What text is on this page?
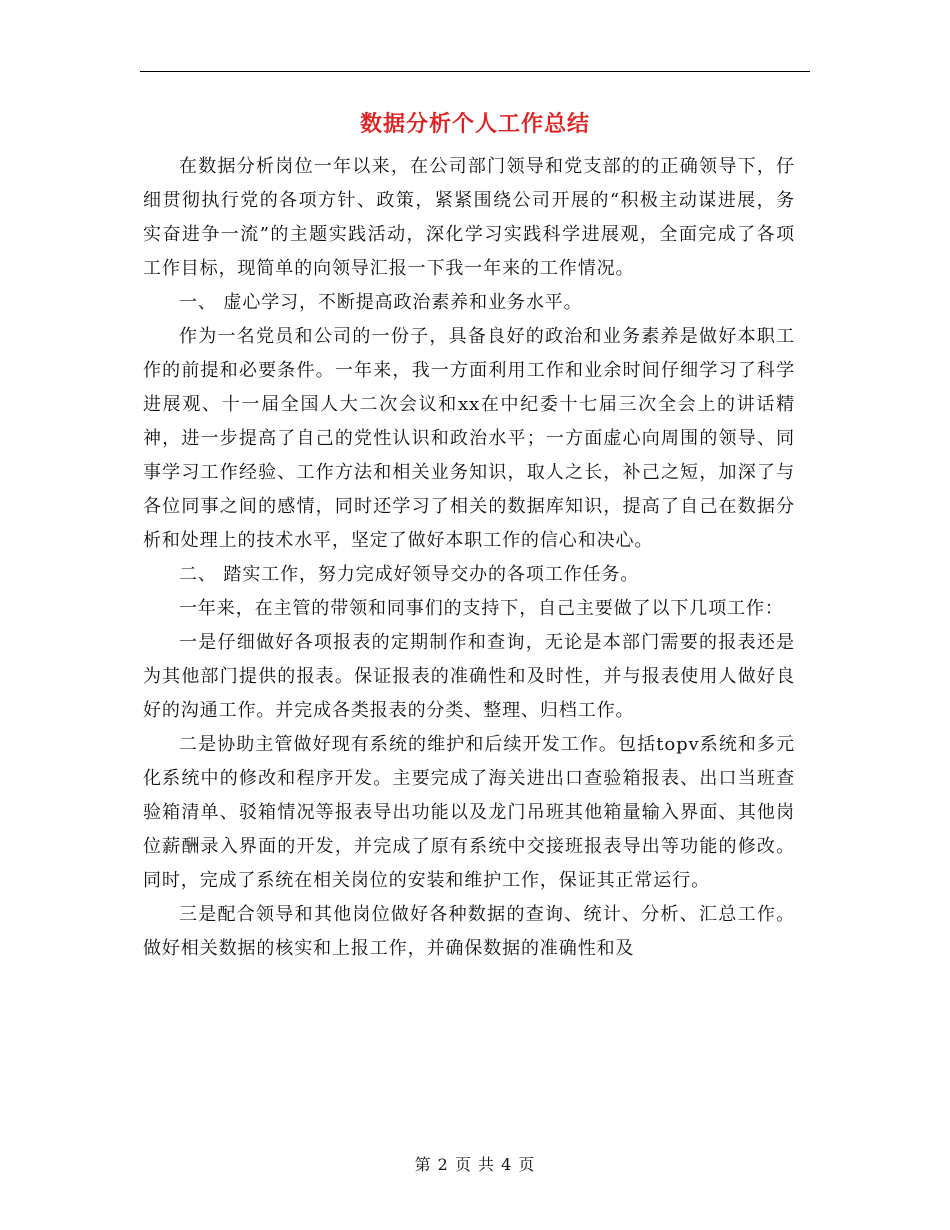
数据分析个人工作总结

在数据分析岗位一年以来，在公司部门领导和党支部的的正确领导下，仔细贯彻执行党的各项方针、政策，紧紧围绕公司开展的“积极主动谋进展，务实奋进争一流”的主题实践活动，深化学习实践科学进展观，全面完成了各项工作目标，现简单的向领导汇报一下我一年来的工作情况。

一、 虚心学习，不断提高政治素养和业务水平。

作为一名党员和公司的一份子，具备良好的政治和业务素养是做好本职工作的前提和必要条件。一年来，我一方面利用工作和业余时间仔细学习了科学进展观、十一届全国人大二次会议和xx在中纪委十七届三次全会上的讲话精神，进一步提高了自己的党性认识和政治水平；一方面虚心向周围的领导、同事学习工作经验、工作方法和相关业务知识，取人之长，补己之短，加深了与各位同事之间的感情，同时还学习了相关的数据库知识，提高了自己在数据分析和处理上的技术水平，坚定了做好本职工作的信心和决心。

二、 踏实工作，努力完成好领导交办的各项工作任务。

一年来，在主管的带领和同事们的支持下，自己主要做了以下几项工作：

一是仔细做好各项报表的定期制作和查询，无论是本部门需要的报表还是为其他部门提供的报表。保证报表的准确性和及时性，并与报表使用人做好良好的沟通工作。并完成各类报表的分类、整理、归档工作。

二是协助主管做好现有系统的维护和后续开发工作。包括topv系统和多元化系统中的修改和程序开发。主要完成了海关进出口查验箱报表、出口当班查验箱清单、驳箱情况等报表导出功能以及龙门吊班其他箱量输入界面、其他岗位薪酬录入界面的开发，并完成了原有系统中交接班报表导出等功能的修改。同时，完成了系统在相关岗位的安装和维护工作，保证其正常运行。

三是配合领导和其他岗位做好各种数据的查询、统计、分析、汇总工作。做好相关数据的核实和上报工作，并确保数据的准确性和及

第 2 页 共 4 页
